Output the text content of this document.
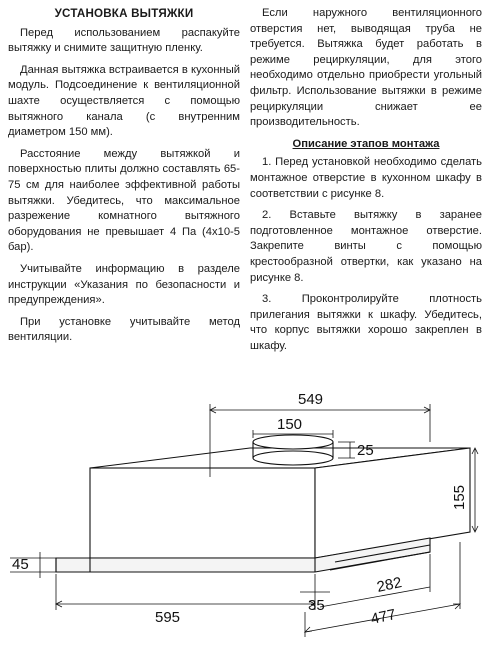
УСТАНОВКА ВЫТЯЖКИ

Перед использованием распакуйте вытяжку и снимите защитную пленку.

Данная вытяжка встраивается в кухонный модуль. Подсоединение к вентиляционной шахте осуществляется с помощью вытяжного канала (с внутренним диаметром 150 мм).

Расстояние между вытяжкой и поверхностью плиты должно составлять 65-75 см для наиболее эффективной работы вытяжки. Убедитесь, что максимальное разрежение комнатного вытяжного оборудования не превышает 4 Па (4x10-5 бар).

Учитывайте информацию в разделе инструкции «Указания по безопасности и предупреждения».

При установке учитывайте метод вентиляции.

Если наружного вентиляционного отверстия нет, выводящая труба не требуется. Вытяжка будет работать в режиме рециркуляции, для этого необходимо отдельно приобрести угольный фильтр. Использование вытяжки в режиме рециркуляции снижает ее производительность.

Описание этапов монтажа

1. Перед установкой необходимо сделать монтажное отверстие в кухонном шкафу в соответствии с рисунке 8.

2. Вставьте вытяжку в заранее подготовленное монтажное отверстие. Закрепите винты с помощью крестообразной отвертки, как указано на рисунке 8.

3. Проконтролируйте плотность прилегания вытяжки к шкафу. Убедитесь, что корпус вытяжки хорошо закреплен в шкафу.

549
150
25
155
45
595
35
282
477
